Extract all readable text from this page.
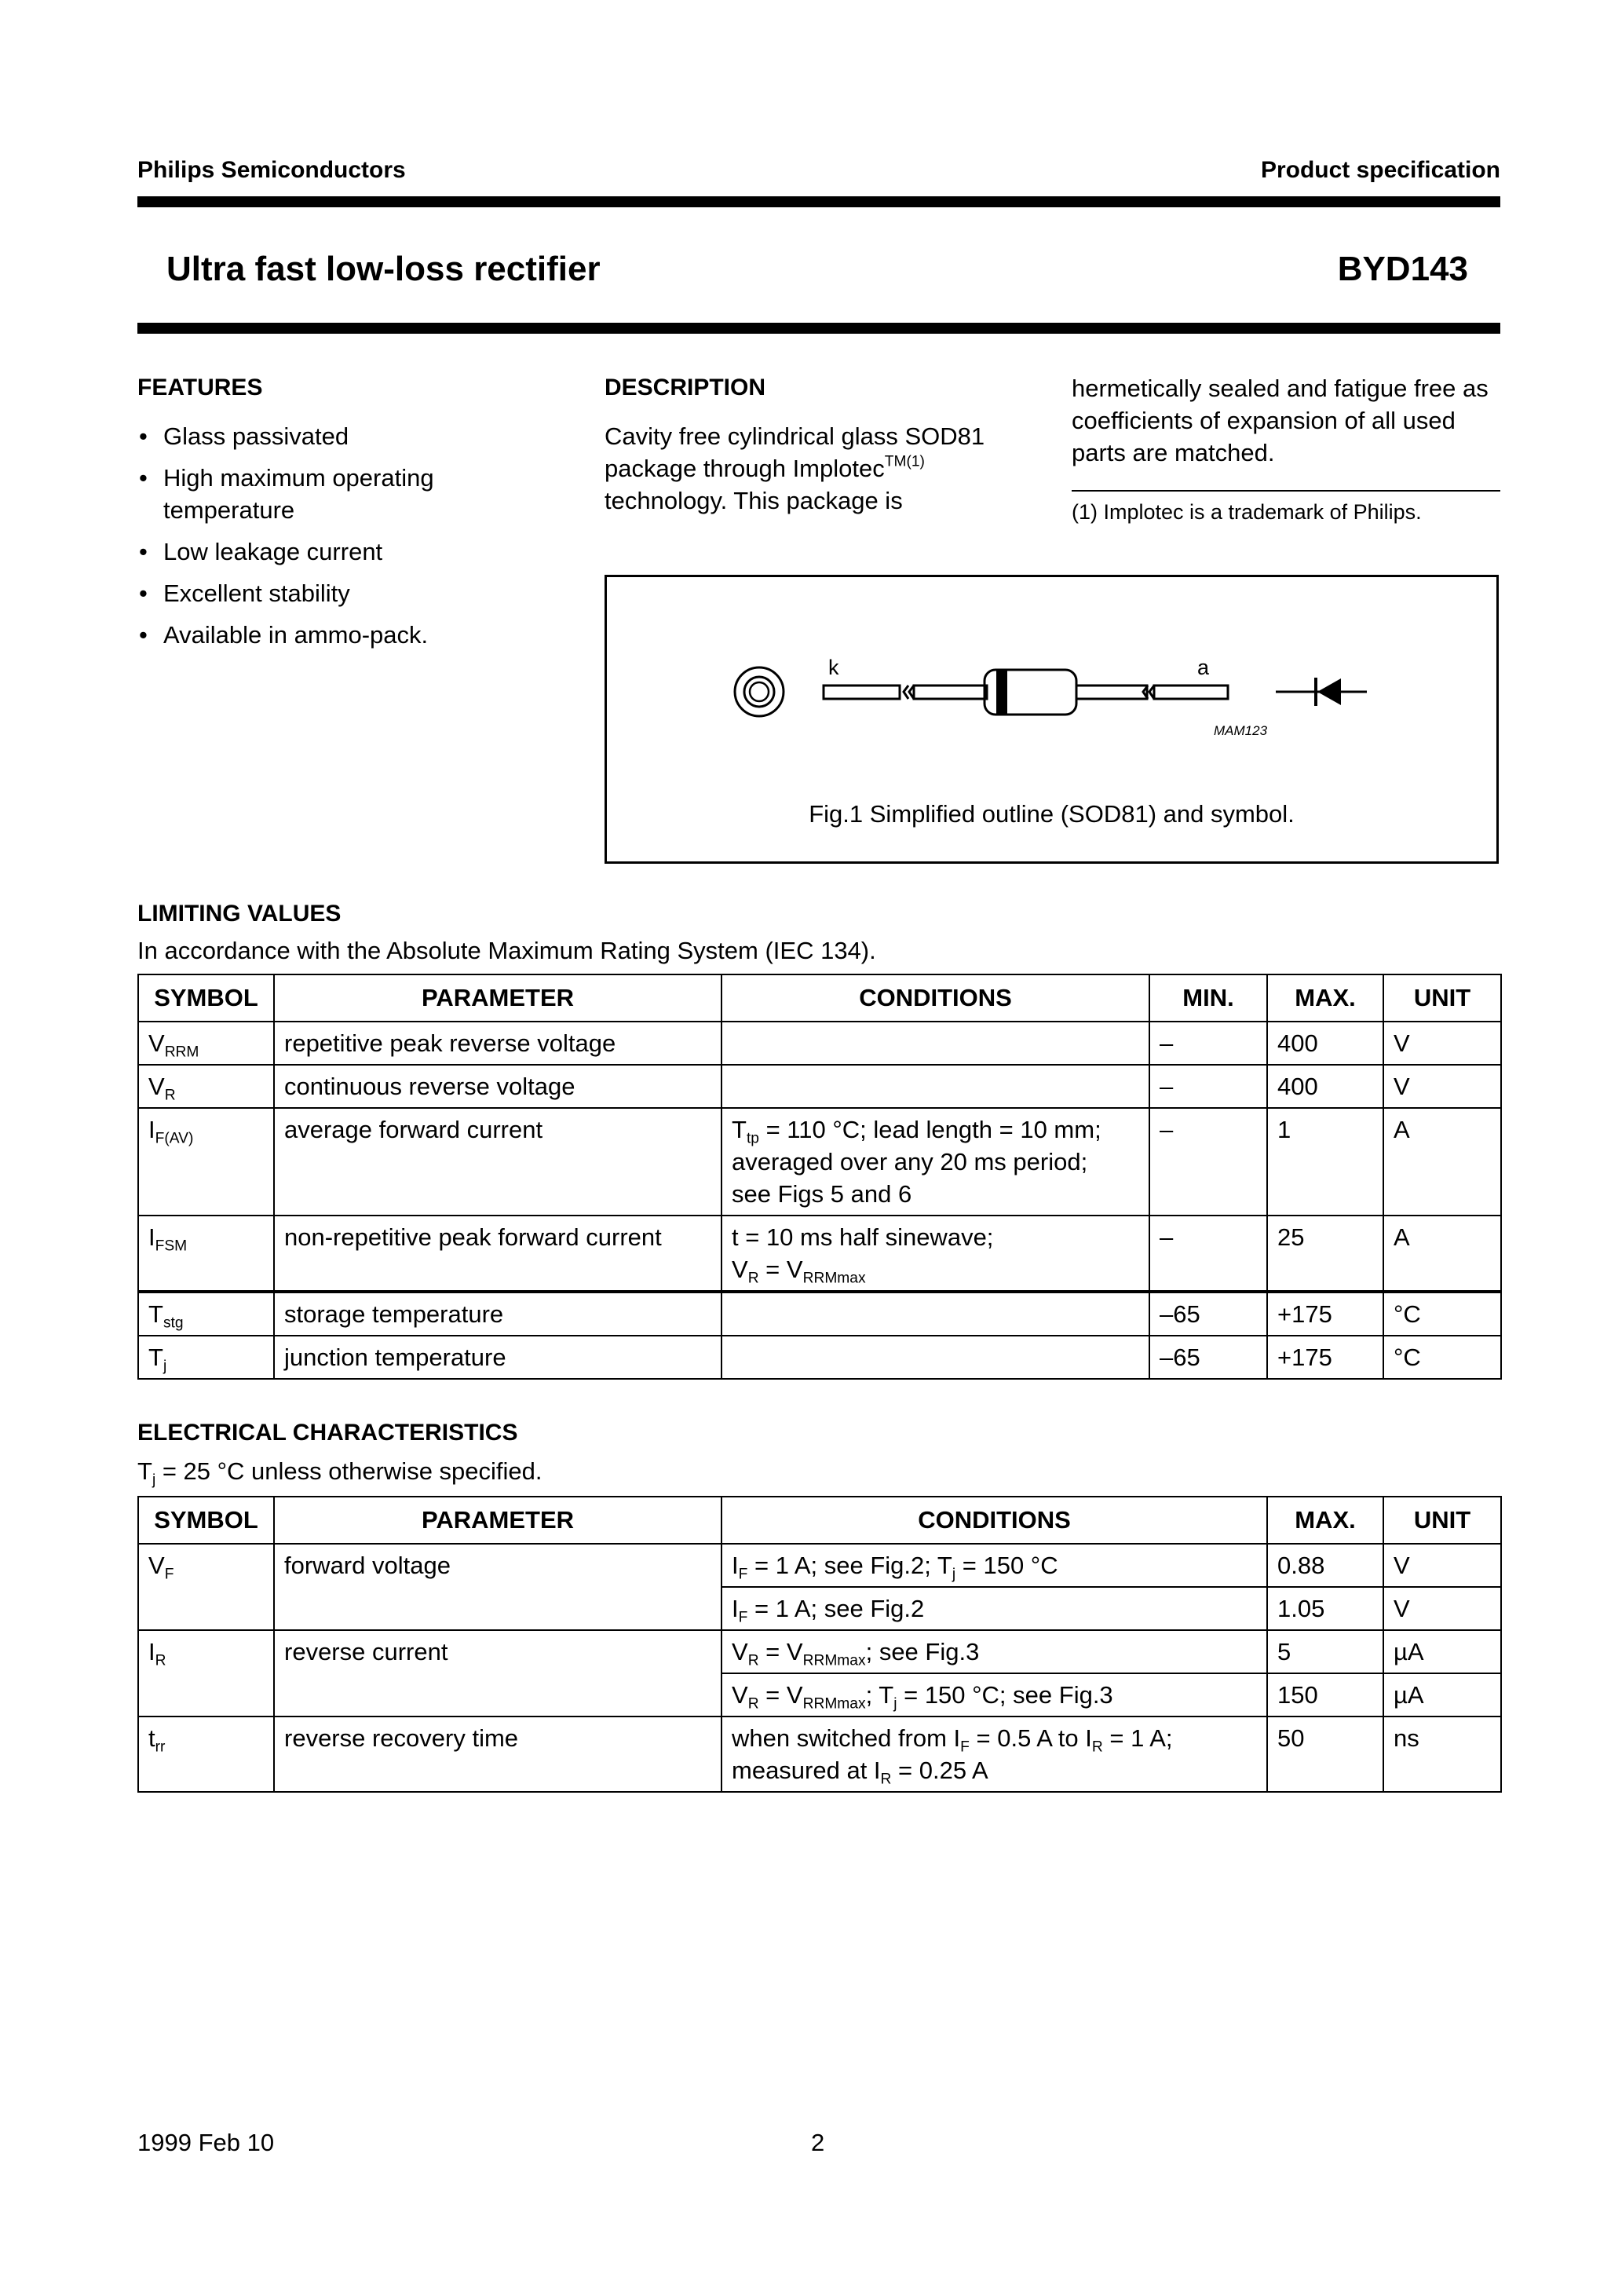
Philips Semiconductors	Product specification
Ultra fast low-loss rectifier	BYD143
FEATURES
• Glass passivated
• High maximum operating temperature
• Low leakage current
• Excellent stability
• Available in ammo-pack.
DESCRIPTION
Cavity free cylindrical glass SOD81 package through Implotec$^{TM(1)}$ technology. This package is
hermetically sealed and fatigue free as coefficients of expansion of all used parts are matched.
(1) Implotec is a trademark of Philips.
k	a
MAM123
Fig.1 Simplified outline (SOD81) and symbol.
LIMITING VALUES
In accordance with the Absolute Maximum Rating System (IEC 134).
SYMBOL	PARAMETER	CONDITIONS	MIN.	MAX.	UNIT
$V_{RRM}$	repetitive peak reverse voltage		–	400	V
$V_R$	continuous reverse voltage		–	400	V
$I_{F(AV)}$	average forward current	$T_{tp} = 110$ °C; lead length = 10 mm;
averaged over any 20 ms period;
see Figs 5 and 6	–	1	A
$I_{FSM}$	non-repetitive peak forward current	t = 10 ms half sinewave;
$V_R = V_{RRMmax}$	–	25	A
$T_{stg}$	storage temperature		–65	+175	°C
$T_j$	junction temperature		–65	+175	°C
ELECTRICAL CHARACTERISTICS
$T_j = 25$ °C unless otherwise specified.
SYMBOL	PARAMETER	CONDITIONS	MAX.	UNIT
$V_F$	forward voltage	$I_F = 1$ A; see Fig.2; $T_j = 150$ °C	0.88	V
		$I_F = 1$ A; see Fig.2	1.05	V
$I_R$	reverse current	$V_R = V_{RRMmax}$; see Fig.3	5	µA
		$V_R = V_{RRMmax}$; $T_j = 150$ °C; see Fig.3	150	µA
$t_{rr}$	reverse recovery time	when switched from $I_F = 0.5$ A to $I_R = 1$ A;
measured at $I_R = 0.25$ A	50	ns
1999 Feb 10	2
